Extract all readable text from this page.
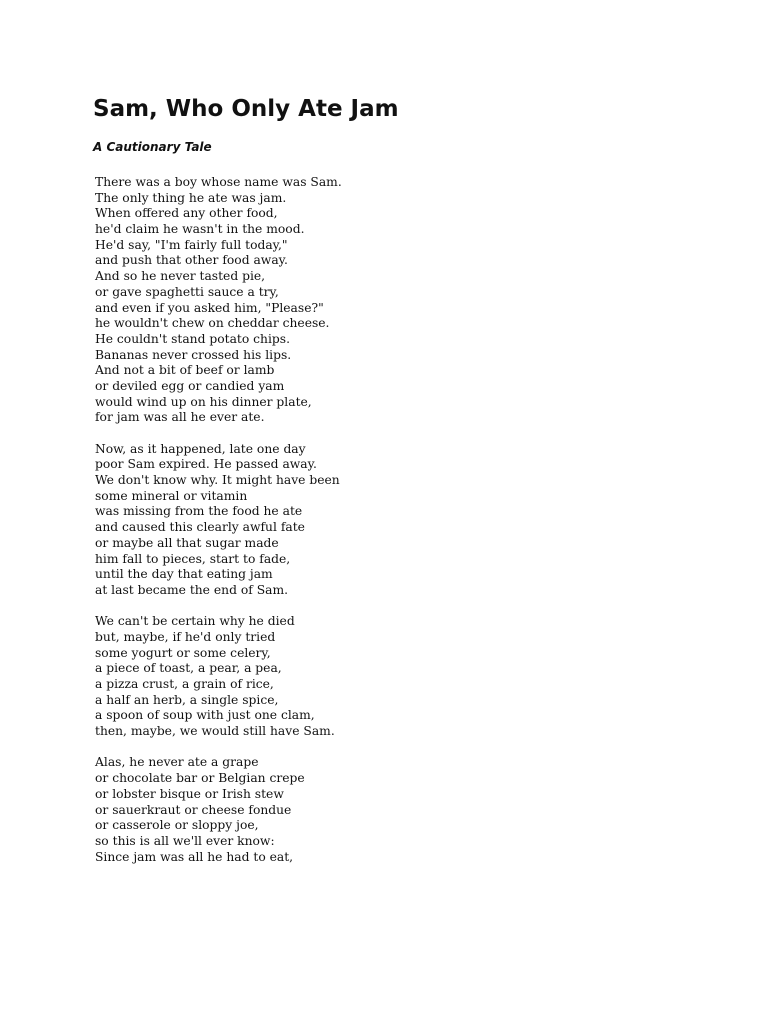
Sam, Who Only Ate Jam
A Cautionary Tale
There was a boy whose name was Sam.
The only thing he ate was jam.
When offered any other food,
he'd claim he wasn't in the mood.
He'd say, "I'm fairly full today,"
and push that other food away.
And so he never tasted pie,
or gave spaghetti sauce a try,
and even if you asked him, "Please?"
he wouldn't chew on cheddar cheese.
He couldn't stand potato chips.
Bananas never crossed his lips.
And not a bit of beef or lamb
or deviled egg or candied yam
would wind up on his dinner plate,
for jam was all he ever ate.
Now, as it happened, late one day
poor Sam expired. He passed away.
We don't know why. It might have been
some mineral or vitamin
was missing from the food he ate
and caused this clearly awful fate
or maybe all that sugar made
him fall to pieces, start to fade,
until the day that eating jam
at last became the end of Sam.
We can't be certain why he died
but, maybe, if he'd only tried
some yogurt or some celery,
a piece of toast, a pear, a pea,
a pizza crust, a grain of rice,
a half an herb, a single spice,
a spoon of soup with just one clam,
then, maybe, we would still have Sam.
Alas, he never ate a grape
or chocolate bar or Belgian crepe
or lobster bisque or Irish stew
or sauerkraut or cheese fondue
or casserole or sloppy joe,
so this is all we'll ever know:
Since jam was all he had to eat,
